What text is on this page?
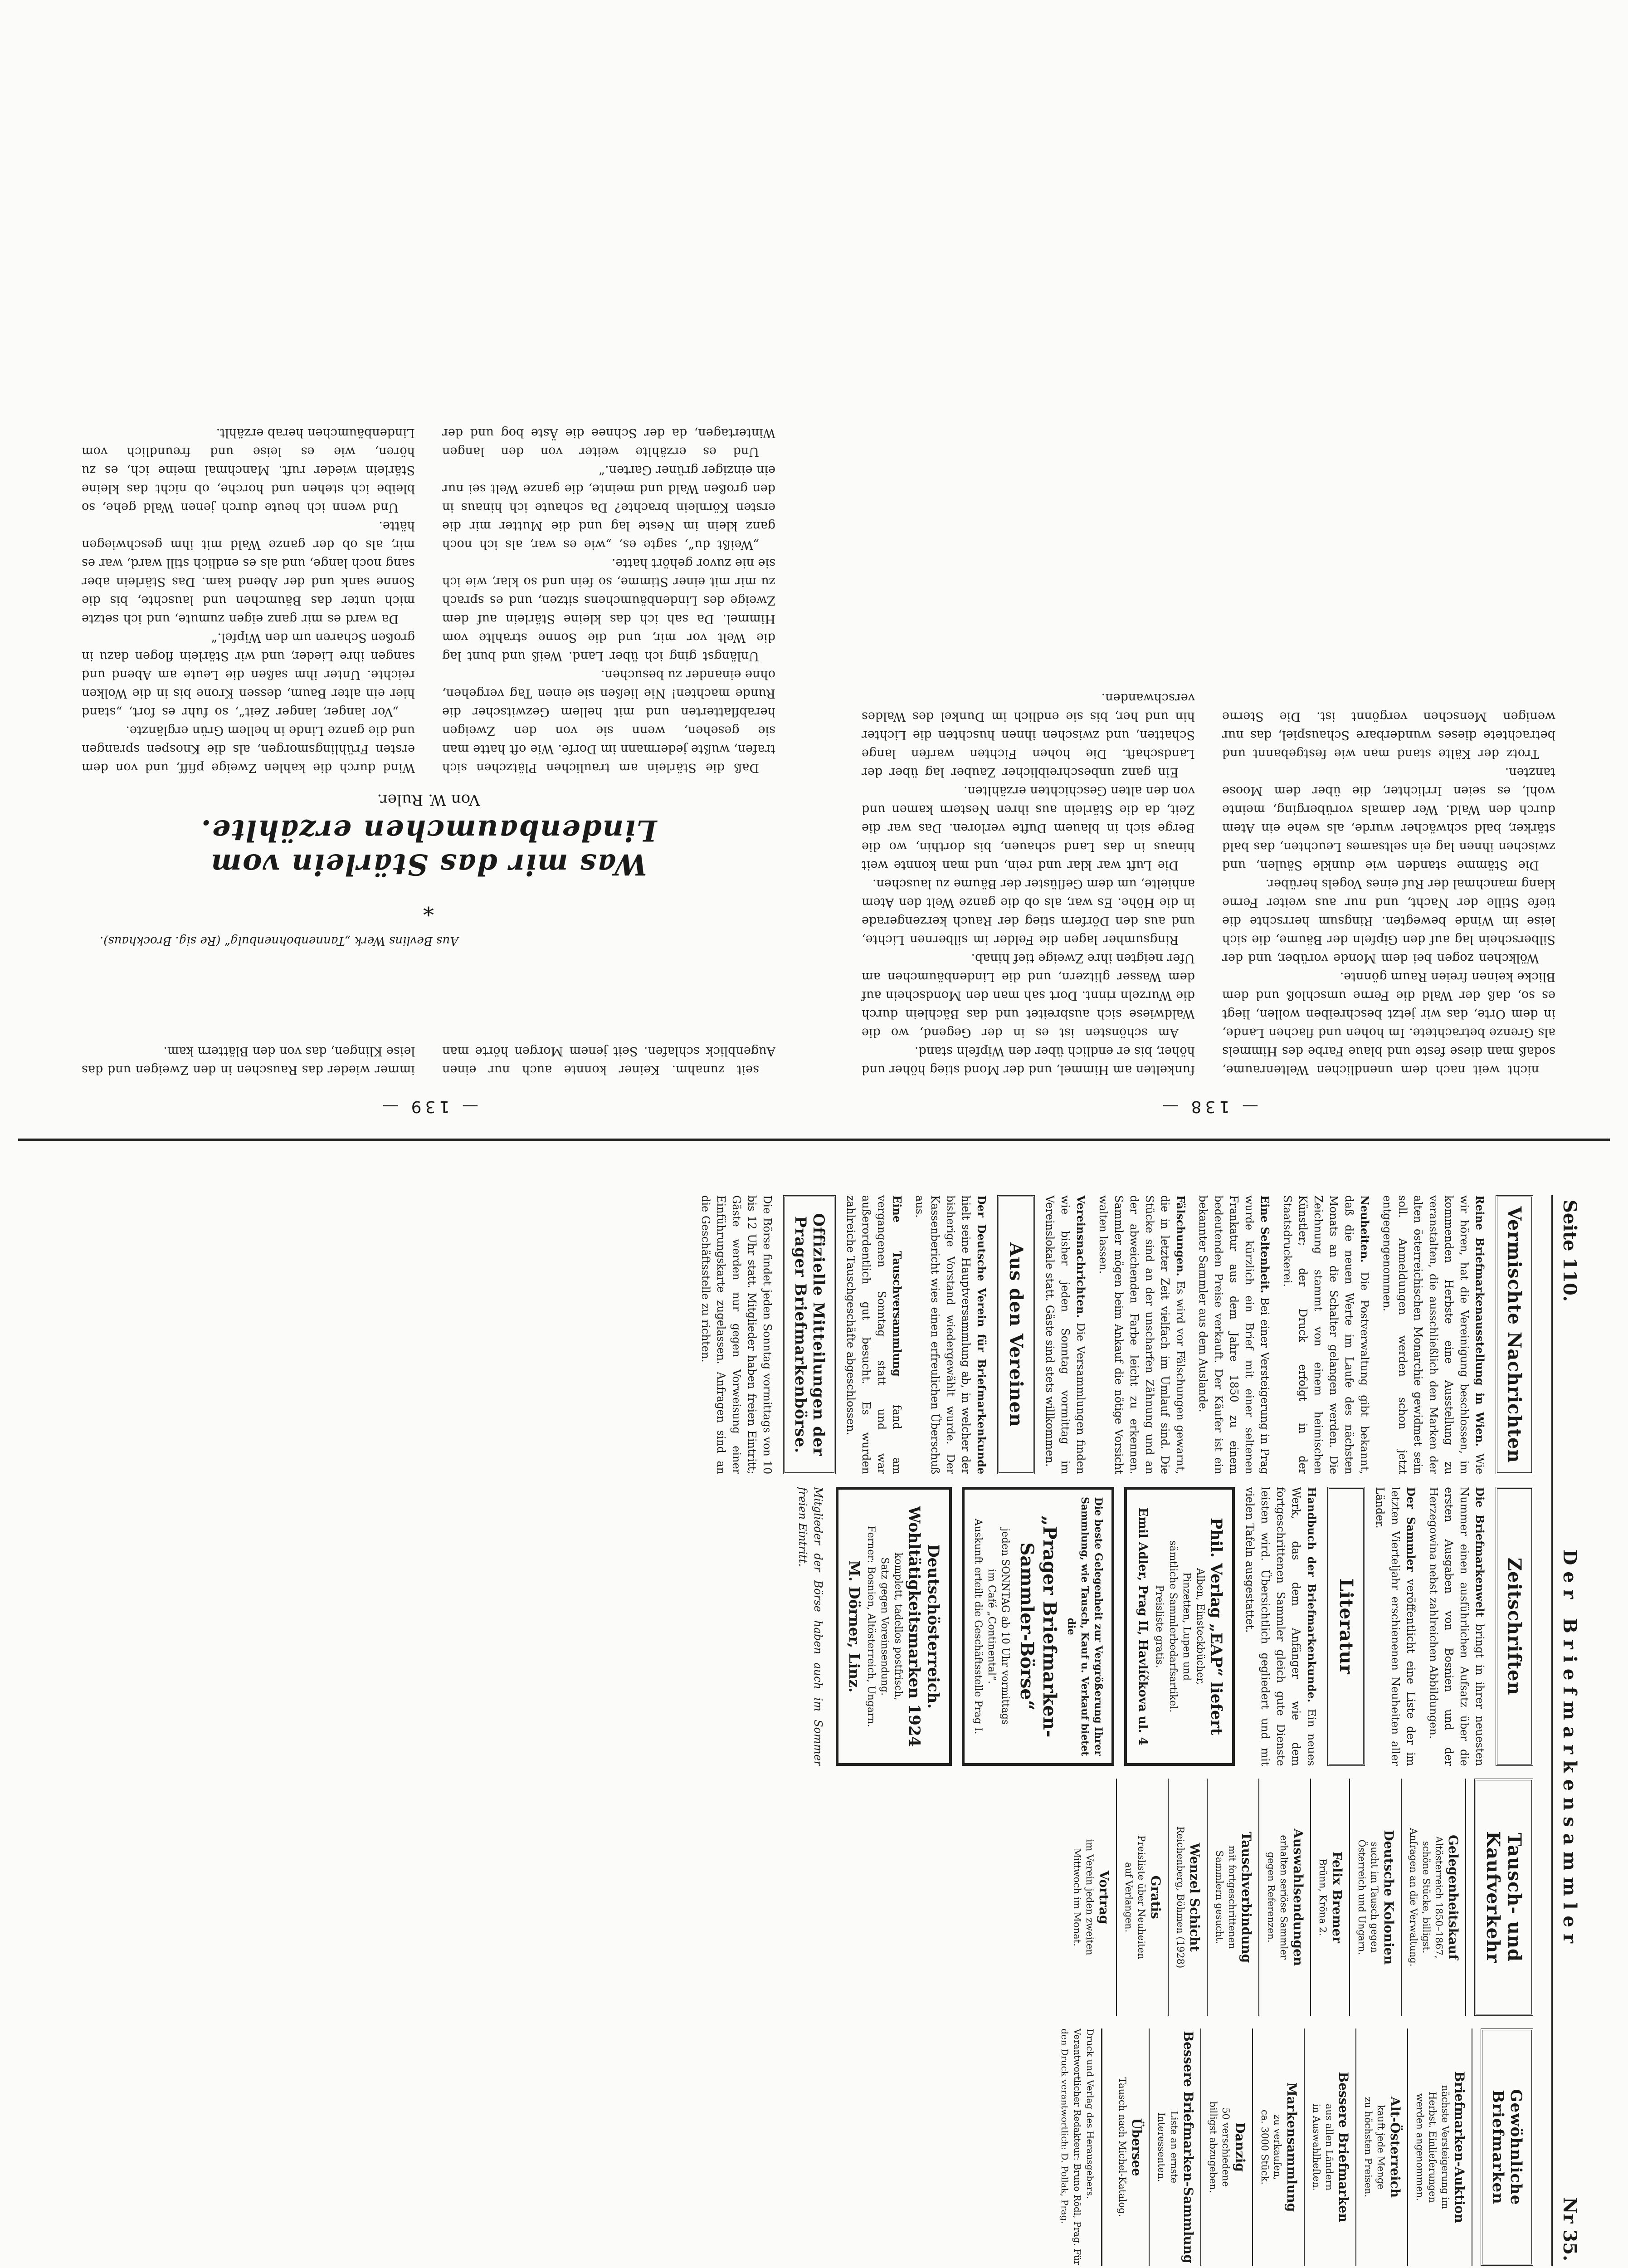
— 138 —

nicht weit nach dem unendlichen Weltenraume, sodaß man diese feste und blaue Farbe des Himmels als Grenze betrachtete. Im hohen und flachen Lande, in dem Orte, das wir jetzt beschreiben wollen, liegt es so, daß der Wald die Ferne umschloß und dem Blicke keinen freien Raum gönnte.

Wölkchen zogen bei dem Monde vorüber, und der Silberschein lag auf den Gipfeln der Bäume, die sich leise im Winde bewegten. Ringsum herrschte die tiefe Stille der Nacht, und nur aus weiter Ferne klang manchmal der Ruf eines Vogels herüber.

Die Stämme standen wie dunkle Säulen, und zwischen ihnen lag ein seltsames Leuchten, das bald stärker, bald schwächer wurde, als wehe ein Atem durch den Wald. Wer damals vorüberging, meinte wohl, es seien Irrlichter, die über dem Moose tanzten.

Trotz der Kälte stand man wie festgebannt und betrachtete dieses wunderbare Schauspiel, das nur wenigen Menschen vergönnt ist. Die Sterne funkelten am Himmel, und der Mond stieg höher und höher, bis er endlich über den Wipfeln stand.

Am schönsten ist es in der Gegend, wo die Waldwiese sich ausbreitet und das Bächlein durch die Wurzeln rinnt. Dort sah man den Mondschein auf dem Wasser glitzern, und die Lindenbäumchen am Ufer neigten ihre Zweige tief hinab.

Ringsumher lagen die Felder im silbernen Lichte, und aus den Dörfern stieg der Rauch kerzengerade in die Höhe. Es war, als ob die ganze Welt den Atem anhielte, um dem Geflüster der Bäume zu lauschen.

Die Luft war klar und rein, und man konnte weit hinaus in das Land schauen, bis dorthin, wo die Berge sich in blauem Dufte verloren. Das war die Zeit, da die Stärlein aus ihren Nestern kamen und von den alten Geschichten erzählten.

Ein ganz unbeschreiblicher Zauber lag über der Landschaft. Die hohen Fichten warfen lange Schatten, und zwischen ihnen huschten die Lichter hin und her, bis sie endlich im Dunkel des Waldes verschwanden.

— 139 —

seit zunahm. Keiner konnte auch nur einen Augenblick schlafen. Seit jenem Morgen hörte man immer wieder das Rauschen in den Zweigen und das leise Klingen, das von den Blättern kam.

Aus Bevlins Werk „Tannenbohnenbulg“ (Re sig. Brockhaus).
*
Was mir das Stärlein vom Lindenbaumchen erzählte.
Von W. Ruler.

Daß die Stärlein am traulichen Plätzchen sich trafen, wußte jedermann im Dorfe. Wie oft hatte man sie gesehen, wenn sie von den Zweigen herabflatterten und mit hellem Gezwitscher die Runde machten! Nie ließen sie einen Tag vergehen, ohne einander zu besuchen.

Unlängst ging ich über Land. Weiß und bunt lag die Welt vor mir, und die Sonne strahlte vom Himmel. Da sah ich das kleine Stärlein auf dem Zweige des Lindenbäumchens sitzen, und es sprach zu mir mit einer Stimme, so fein und so klar, wie ich sie nie zuvor gehört hatte.

„Weißt du“, sagte es, „wie es war, als ich noch ganz klein im Neste lag und die Mutter mir die ersten Körnlein brachte? Da schaute ich hinaus in den großen Wald und meinte, die ganze Welt sei nur ein einziger grüner Garten.“

Und es erzählte weiter von den langen Wintertagen, da der Schnee die Äste bog und der Wind durch die kahlen Zweige pfiff, und von dem ersten Frühlingsmorgen, als die Knospen sprangen und die ganze Linde in hellem Grün erglänzte.

„Vor langer, langer Zeit“, so fuhr es fort, „stand hier ein alter Baum, dessen Krone bis in die Wolken reichte. Unter ihm saßen die Leute am Abend und sangen ihre Lieder, und wir Stärlein flogen dazu in großen Scharen um den Wipfel.“

Da ward es mir ganz eigen zumute, und ich setzte mich unter das Bäumchen und lauschte, bis die Sonne sank und der Abend kam. Das Stärlein aber sang noch lange, und als es endlich still ward, war es mir, als ob der ganze Wald mit ihm geschwiegen hätte.

Und wenn ich heute durch jenen Wald gehe, so bleibe ich stehen und horche, ob nicht das kleine Stärlein wieder ruft. Manchmal meine ich, es zu hören, wie es leise und freundlich vom Lindenbäumchen herab erzählt.

Seite 110.
Der Briefmarkensammler
Nr 35.
Vermischte Nachrichten
Reine Briefmarkenausstellung in Wien. Wie wir hören, hat die Vereinigung beschlossen, im kommenden Herbste eine Ausstellung zu veranstalten, die ausschließlich den Marken der alten österreichischen Monarchie gewidmet sein soll. Anmeldungen werden schon jetzt entgegengenommen.
Neuheiten. Die Postverwaltung gibt bekannt, daß die neuen Werte im Laufe des nächsten Monats an die Schalter gelangen werden. Die Zeichnung stammt von einem heimischen Künstler; der Druck erfolgt in der Staatsdruckerei.
Eine Seltenheit. Bei einer Versteigerung in Prag wurde kürzlich ein Brief mit einer seltenen Frankatur aus dem Jahre 1850 zu einem bedeutenden Preise verkauft. Der Käufer ist ein bekannter Sammler aus dem Auslande.
Fälschungen. Es wird vor Fälschungen gewarnt, die in letzter Zeit vielfach im Umlauf sind. Die Stücke sind an der unscharfen Zähnung und an der abweichenden Farbe leicht zu erkennen. Sammler mögen beim Ankauf die nötige Vorsicht walten lassen.
Vereinsnachrichten. Die Versammlungen finden wie bisher jeden Sonntag vormittag im Vereinslokale statt. Gäste sind stets willkommen.
Aus den Vereinen
Der Deutsche Verein für Briefmarkenkunde hielt seine Hauptversammlung ab, in welcher der bisherige Vorstand wiedergewählt wurde. Der Kassenbericht wies einen erfreulichen Überschuß aus.
Eine Tauschversammlung fand am vergangenen Sonntag statt und war außerordentlich gut besucht. Es wurden zahlreiche Tauschgeschäfte abgeschlossen.
Offizielle Mitteilungen der Prager Briefmarkenbörse.
Die Börse findet jeden Sonntag vormittags von 10 bis 12 Uhr statt. Mitglieder haben freien Eintritt; Gäste werden nur gegen Vorweisung einer Einführungskarte zugelassen. Anfragen sind an die Geschäftsstelle zu richten.
Zeitschriften
Die Briefmarkenwelt bringt in ihrer neuesten Nummer einen ausführlichen Aufsatz über die ersten Ausgaben von Bosnien und der Herzegowina nebst zahlreichen Abbildungen.
Der Sammler veröffentlicht eine Liste der im letzten Vierteljahr erschienenen Neuheiten aller Länder.
Literatur
Handbuch der Briefmarkenkunde. Ein neues Werk, das dem Anfänger wie dem fortgeschrittenen Sammler gleich gute Dienste leisten wird. Übersichtlich gegliedert und mit vielen Tafeln ausgestattet.
Phil. Verlag „EAP“ liefert
Alben, Einsteckbücher,
Pinzetten, Lupen und
sämtliche Sammlerbedarfsartikel.
Preisliste gratis.
Emil Adler, Prag II, Havlíčkova ul. 4
Die beste Gelegenheit zur Vergrößerung Ihrer Sammlung, wie Tausch, Kauf u. Verkauf bietet die
„Prager Briefmarken-Sammler-Börse“
jeden SONNTAG ab 10 Uhr vormittags
im Café „Continental“.
Auskunft erteilt die Geschäftsstelle Prag I.
Deutschösterreich. Wohltätigkeitsmarken 1924
komplett, tadellos postfrisch,
Satz gegen Voreinsendung.
Ferner: Bosnien, Altösterreich, Ungarn.
M. Dörner, Linz.
Mitglieder der Börse haben auch im Sommer freien Eintritt.
Tausch- und Kaufverkehr
Gelegenheitskauf
Altösterreich 1850–1867,
schöne Stücke, billigst.
Anfragen an die Verwaltung.
Deutsche Kolonien
sucht im Tausch gegen
Österreich und Ungarn.
Felix Bremer
Brünn, Kröna 2.
Auswahlsendungen
erhalten seriöse Sammler
gegen Referenzen.
Tauschverbindung
mit fortgeschrittenen
Sammlern gesucht.
Wenzel Schicht
Reichenberg, Böhmen (1928)
Gratis
Preisliste über Neuheiten
auf Verlangen.
Vortrag
im Verein jeden zweiten
Mittwoch im Monat.
Gewöhnliche Briefmarken
Briefmarken-Auktion
nächste Versteigerung im
Herbst. Einlieferungen
werden angenommen.
Alt-Österreich
kauft jede Menge
zu höchsten Preisen.
Bessere Briefmarken
aus allen Ländern
in Auswahlheften.
Markensammlung
zu verkaufen,
ca. 3000 Stück.
Danzig
50 verschiedene
billigst abzugeben.
Bessere Briefmarken-Sammlung
Liste an ernste
Interessenten.
Übersee
Tausch nach Michel-Katalog.
Druck und Verlag des Herausgebers. Verantwortlicher Redakteur: Bruno Rödl, Prag. Für den Druck verantwortlich: D. Pollak, Prag.
